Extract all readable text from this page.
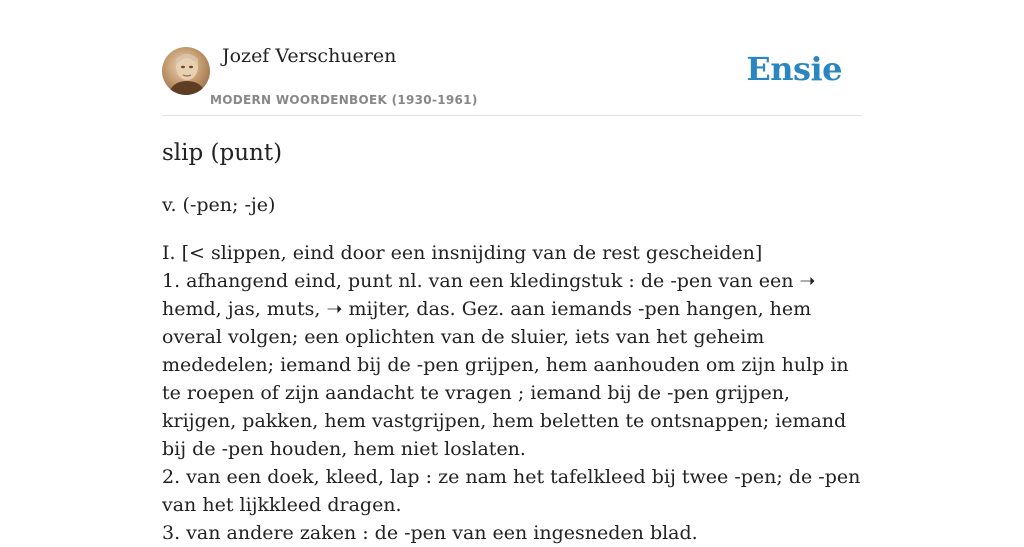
Jozef Verschueren
MODERN WOORDENBOEK (1930-1961)
Ensie
slip (punt)
v. (-pen; -je)

I. [< slippen, eind door een insnijding van de rest gescheiden]

1. afhangend eind, punt nl. van een kledingstuk : de -pen van een ➝ hemd, jas, muts, ➝ mijter, das. Gez. aan iemands -pen hangen, hem overal volgen; een oplichten van de sluier, iets van het geheim mededelen; iemand bij de -pen grijpen, hem aanhouden om zijn hulp in te roepen of zijn aandacht te vragen ; iemand bij de -pen grijpen, krijgen, pakken, hem vastgrijpen, hem beletten te ontsnappen; iemand bij de -pen houden, hem niet loslaten.

2. van een doek, kleed, lap : ze nam het tafelkleed bij twee -pen; de -pen van het lijkkleed dragen.

3. van andere zaken : de -pen van een ingesneden blad.
